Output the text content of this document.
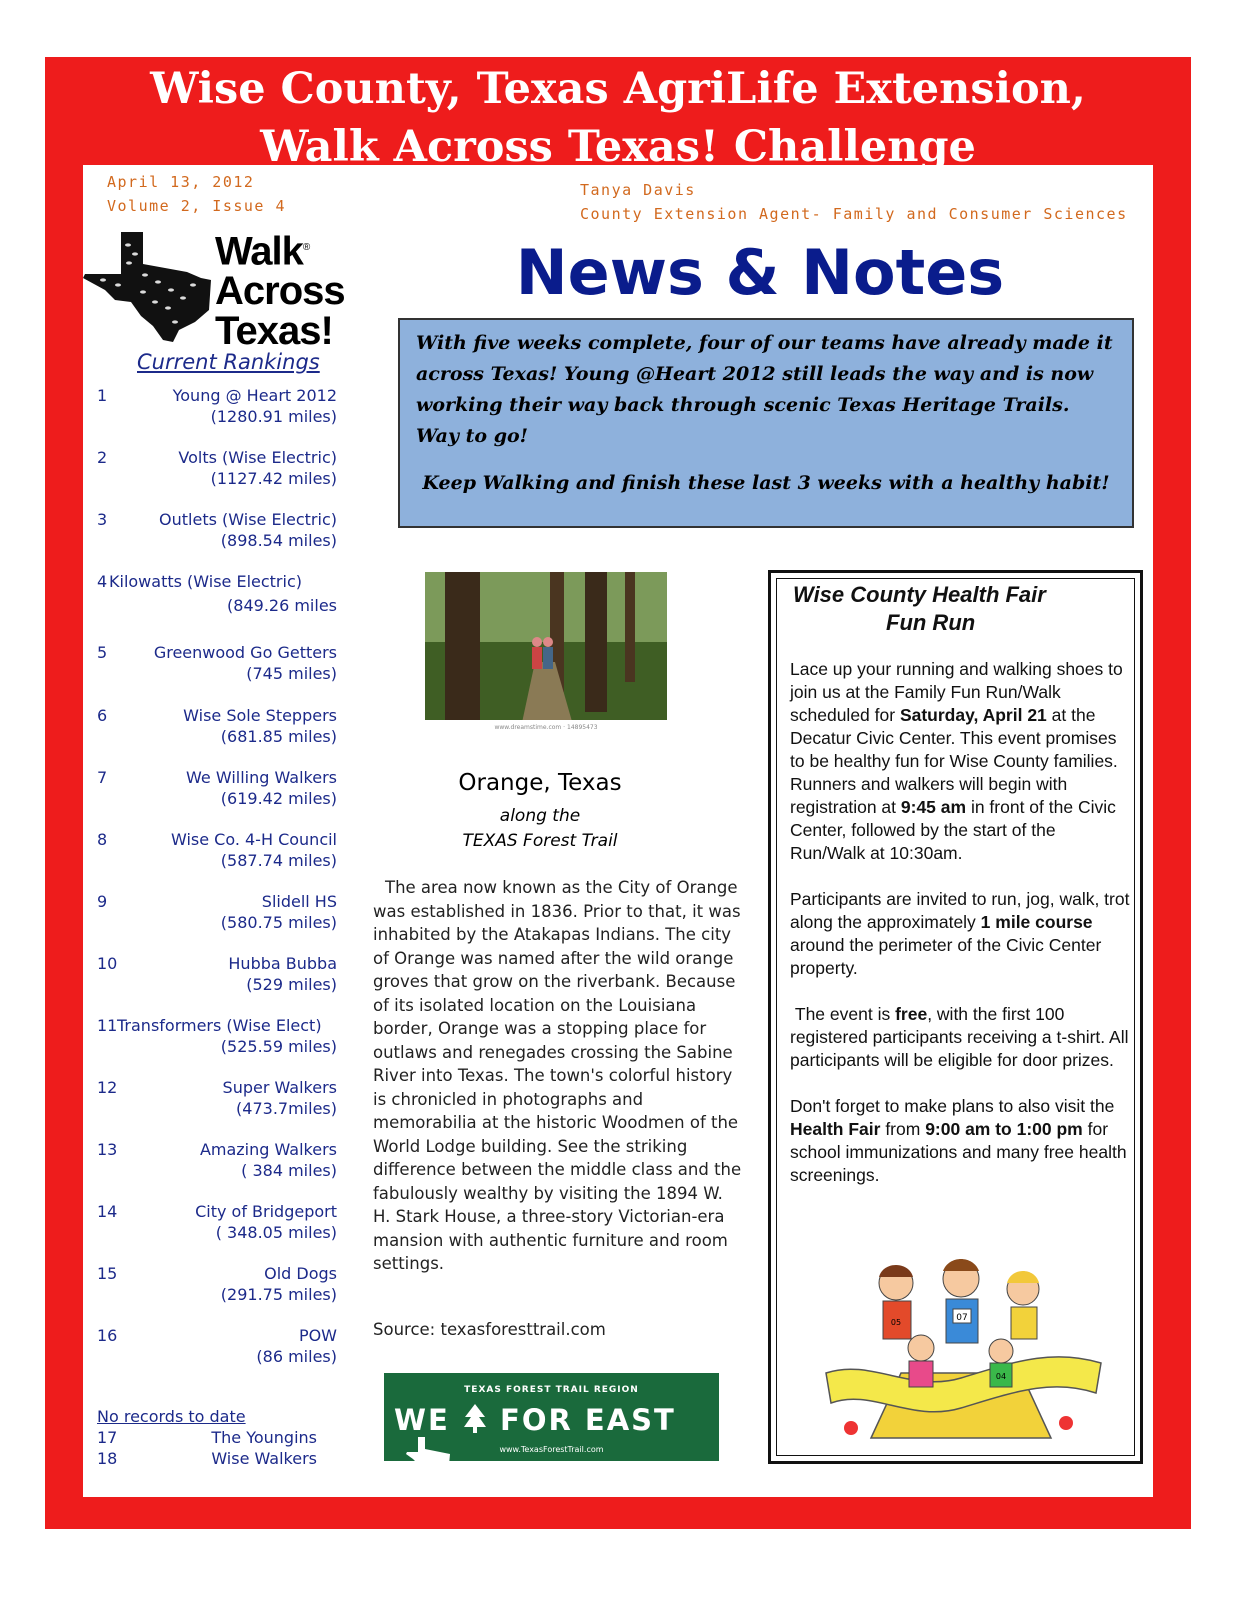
Wise County, Texas AgriLife Extension,
Walk Across Texas! Challenge
April 13, 2012
Volume 2, Issue 4
Tanya Davis
County Extension Agent- Family and Consumer Sciences
Walk®
Across
Texas!
Current Rankings
1	Young @ Heart 2012
(1280.91 miles)
2	Volts (Wise Electric)
(1127.42 miles)
3	Outlets (Wise Electric)
(898.54 miles)
4 Kilowatts (Wise Electric)
(849.26 miles
5	Greenwood Go Getters
(745 miles)
6	Wise Sole Steppers
(681.85 miles)
7	We Willing Walkers
(619.42 miles)
8	Wise Co. 4-H Council
(587.74 miles)
9	Slidell HS
(580.75 miles)
10	Hubba Bubba
(529 miles)
11 Transformers (Wise Elect)
(525.59 miles)
12	Super Walkers
(473.7miles)
13	Amazing Walkers
( 384 miles)
14	City of Bridgeport
( 348.05 miles)
15	Old Dogs
(291.75 miles)
16	POW
(86 miles)
No records to date
17	The Youngins
18	Wise Walkers
News & Notes
With five weeks complete, four of our teams have already made it across Texas! Young @Heart 2012 still leads the way and is now working their way back through scenic Texas Heritage Trails. Way to go!
Keep Walking and finish these last 3 weeks with a healthy habit!
www.dreamstime.com · 14895473
Orange, Texas
along the
TEXAS Forest Trail
The area now known as the City of Orange was established in 1836. Prior to that, it was inhabited by the Atakapas Indians. The city of Orange was named after the wild orange groves that grow on the riverbank. Because of its isolated location on the Louisiana border, Orange was a stopping place for outlaws and renegades crossing the Sabine River into Texas. The town's colorful history is chronicled in photographs and memorabilia at the historic Woodmen of the World Lodge building. See the striking difference between the middle class and the fabulously wealthy by visiting the 1894 W. H. Stark House, a three-story Victorian-era mansion with authentic furniture and room settings.
Source: texasforesttrail.com
TEXAS FOREST TRAIL REGION
WE FOR EAST
www.TexasForestTrail.com
Wise County Health Fair
Fun Run

Lace up your running and walking shoes to join us at the Family Fun Run/Walk scheduled for Saturday, April 21 at the Decatur Civic Center. This event promises to be healthy fun for Wise County families. Runners and walkers will begin with registration at 9:45 am in front of the Civic Center, followed by the start of the Run/Walk at 10:30am.

Participants are invited to run, jog, walk, trot along the approximately 1 mile course around the perimeter of the Civic Center property.

The event is free, with the first 100 registered participants receiving a t-shirt. All participants will be eligible for door prizes.

Don't forget to make plans to also visit the Health Fair from 9:00 am to 1:00 pm for school immunizations and many free health screenings.

07
05
04
